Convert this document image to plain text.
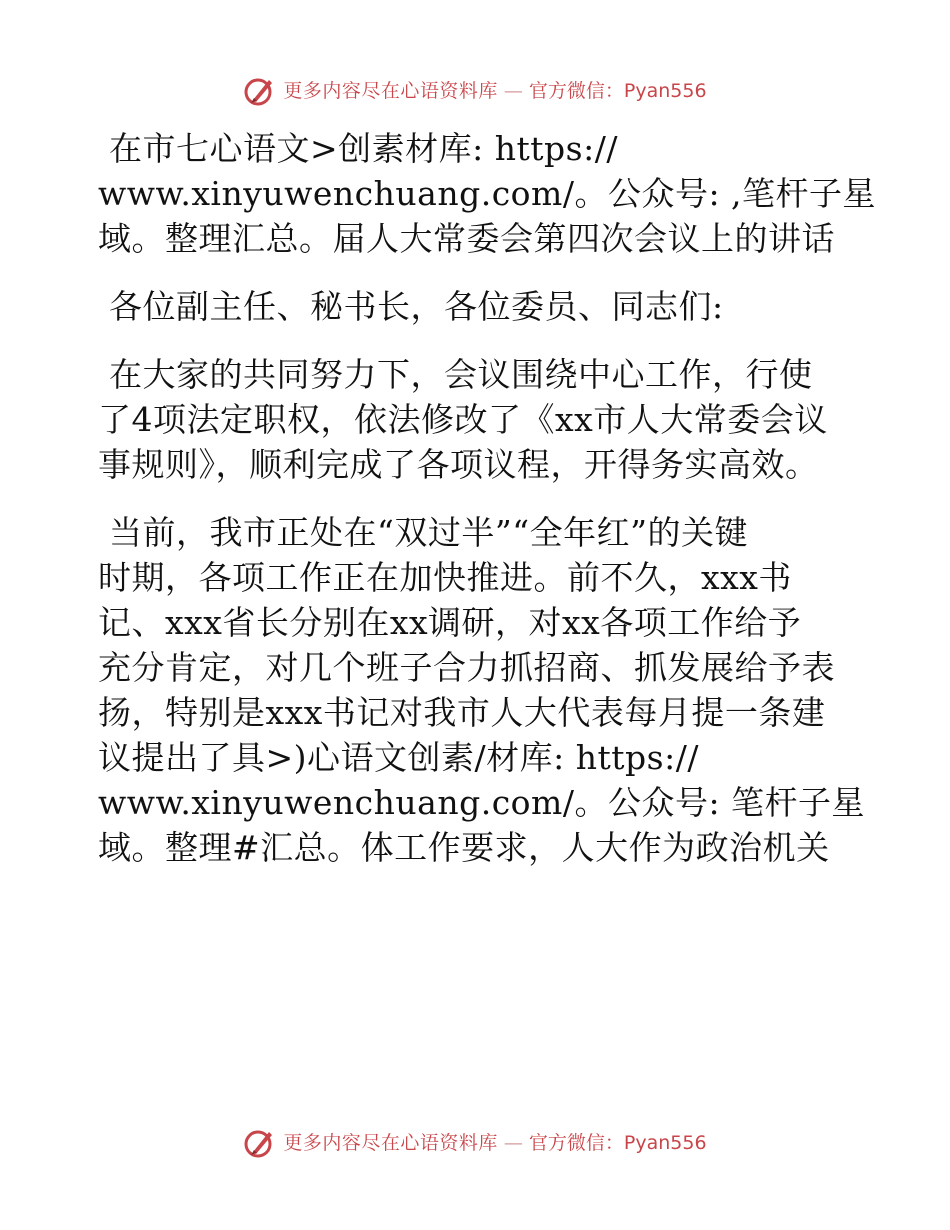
更多内容尽在心语资料库 — 官方微信：Pyan556
在市七心语文>创素材库: https://
www.xinyuwenchuang.com/。公众号: ,笔杆子星
域。整理汇总。届人大常委会第四次会议上的讲话
各位副主任、秘书长，各位委员、同志们:
在大家的共同努力下，会议围绕中心工作，行使
了4项法定职权，依法修改了《xx市人大常委会议
事规则》，顺利完成了各项议程，开得务实高效。
当前，我市正处在“双过半”“全年红”的关键
时期，各项工作正在加快推进。前不久，xxx书
记、xxx省长分别在xx调研，对xx各项工作给予
充分肯定，对几个班子合力抓招商、抓发展给予表
扬，特别是xxx书记对我市人大代表每月提一条建
议提出了具>)心语文创素/材库: https://
www.xinyuwenchuang.com/。公众号: 笔杆子星
域。整理#汇总。体工作要求，人大作为政治机关
更多内容尽在心语资料库 — 官方微信：Pyan556
